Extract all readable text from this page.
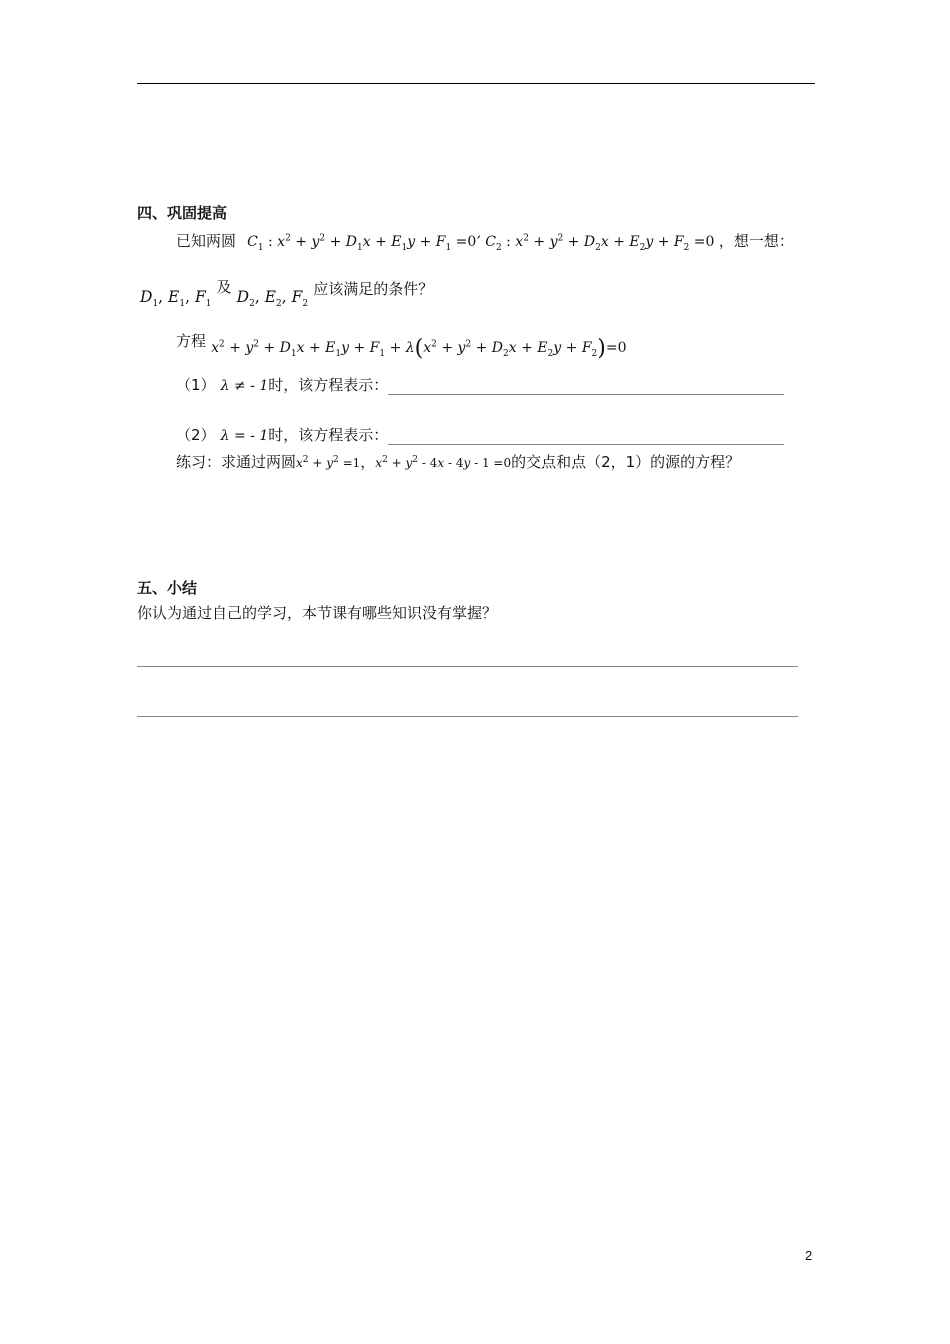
四、巩固提高
已知两圆 $C_1$ : $x^2 + y^2 + D_1x + E_1y + F_1 =0$’ $C_2$ : $x^2 + y^2 + D_2x + E_2y + F_2 =0$ ，想一想：
$D_1$, $E_1$, $F_1$ 及 $D_2$, $E_2$, $F_2$ 应该满足的条件？
方程 $x^2 + y^2 + D_1x + E_1y + F_1 + \lambda(x^2 + y^2 + D_2x + E_2y + F_2)=0$
（1） λ ≠ - 1时，该方程表示：
（2） λ = - 1时，该方程表示：
练习：求通过两圆$x^2 + y^2 =1$，$x^2 + y^2 - 4x - 4y - 1 =0$的交点和点（2，1）的源的方程？
五、小结
你认为通过自己的学习，本节课有哪些知识没有掌握？
2
